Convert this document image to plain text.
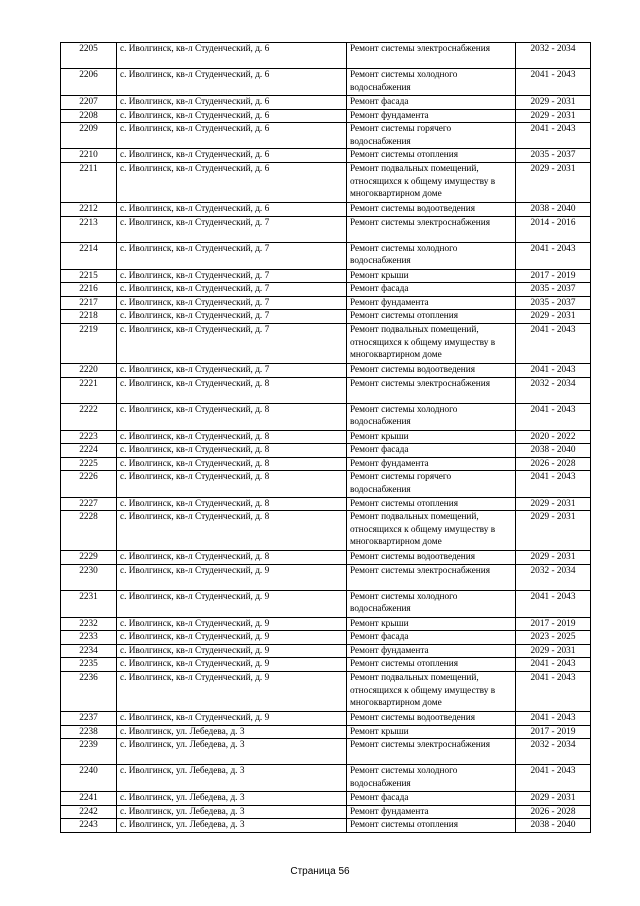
2205	с. Иволгинск, кв-л Студенческий, д. 6	Ремонт системы электроснабжения	2032 - 2034
2206	с. Иволгинск, кв-л Студенческий, д. 6	Ремонт системы холодного водоснабжения	2041 - 2043
2207	с. Иволгинск, кв-л Студенческий, д. 6	Ремонт фасада	2029 - 2031
2208	с. Иволгинск, кв-л Студенческий, д. 6	Ремонт фундамента	2029 - 2031
2209	с. Иволгинск, кв-л Студенческий, д. 6	Ремонт системы горячего водоснабжения	2041 - 2043
2210	с. Иволгинск, кв-л Студенческий, д. 6	Ремонт системы отопления	2035 - 2037
2211	с. Иволгинск, кв-л Студенческий, д. 6	Ремонт подвальных помещений, относящихся к общему имуществу в многоквартирном доме	2029 - 2031
2212	с. Иволгинск, кв-л Студенческий, д. 6	Ремонт системы водоотведения	2038 - 2040
2213	с. Иволгинск, кв-л Студенческий, д. 7	Ремонт системы электроснабжения	2014 - 2016
2214	с. Иволгинск, кв-л Студенческий, д. 7	Ремонт системы холодного водоснабжения	2041 - 2043
2215	с. Иволгинск, кв-л Студенческий, д. 7	Ремонт крыши	2017 - 2019
2216	с. Иволгинск, кв-л Студенческий, д. 7	Ремонт фасада	2035 - 2037
2217	с. Иволгинск, кв-л Студенческий, д. 7	Ремонт фундамента	2035 - 2037
2218	с. Иволгинск, кв-л Студенческий, д. 7	Ремонт системы отопления	2029 - 2031
2219	с. Иволгинск, кв-л Студенческий, д. 7	Ремонт подвальных помещений, относящихся к общему имуществу в многоквартирном доме	2041 - 2043
2220	с. Иволгинск, кв-л Студенческий, д. 7	Ремонт системы водоотведения	2041 - 2043
2221	с. Иволгинск, кв-л Студенческий, д. 8	Ремонт системы электроснабжения	2032 - 2034
2222	с. Иволгинск, кв-л Студенческий, д. 8	Ремонт системы холодного водоснабжения	2041 - 2043
2223	с. Иволгинск, кв-л Студенческий, д. 8	Ремонт крыши	2020 - 2022
2224	с. Иволгинск, кв-л Студенческий, д. 8	Ремонт фасада	2038 - 2040
2225	с. Иволгинск, кв-л Студенческий, д. 8	Ремонт фундамента	2026 - 2028
2226	с. Иволгинск, кв-л Студенческий, д. 8	Ремонт системы горячего водоснабжения	2041 - 2043
2227	с. Иволгинск, кв-л Студенческий, д. 8	Ремонт системы отопления	2029 - 2031
2228	с. Иволгинск, кв-л Студенческий, д. 8	Ремонт подвальных помещений, относящихся к общему имуществу в многоквартирном доме	2029 - 2031
2229	с. Иволгинск, кв-л Студенческий, д. 8	Ремонт системы водоотведения	2029 - 2031
2230	с. Иволгинск, кв-л Студенческий, д. 9	Ремонт системы электроснабжения	2032 - 2034
2231	с. Иволгинск, кв-л Студенческий, д. 9	Ремонт системы холодного водоснабжения	2041 - 2043
2232	с. Иволгинск, кв-л Студенческий, д. 9	Ремонт крыши	2017 - 2019
2233	с. Иволгинск, кв-л Студенческий, д. 9	Ремонт фасада	2023 - 2025
2234	с. Иволгинск, кв-л Студенческий, д. 9	Ремонт фундамента	2029 - 2031
2235	с. Иволгинск, кв-л Студенческий, д. 9	Ремонт системы отопления	2041 - 2043
2236	с. Иволгинск, кв-л Студенческий, д. 9	Ремонт подвальных помещений, относящихся к общему имуществу в многоквартирном доме	2041 - 2043
2237	с. Иволгинск, кв-л Студенческий, д. 9	Ремонт системы водоотведения	2041 - 2043
2238	с. Иволгинск, ул. Лебедева, д. 3	Ремонт крыши	2017 - 2019
2239	с. Иволгинск, ул. Лебедева, д. 3	Ремонт системы электроснабжения	2032 - 2034
2240	с. Иволгинск, ул. Лебедева, д. 3	Ремонт системы холодного водоснабжения	2041 - 2043
2241	с. Иволгинск, ул. Лебедева, д. 3	Ремонт фасада	2029 - 2031
2242	с. Иволгинск, ул. Лебедева, д. 3	Ремонт фундамента	2026 - 2028
2243	с. Иволгинск, ул. Лебедева, д. 3	Ремонт системы отопления	2038 - 2040
Страница 56
